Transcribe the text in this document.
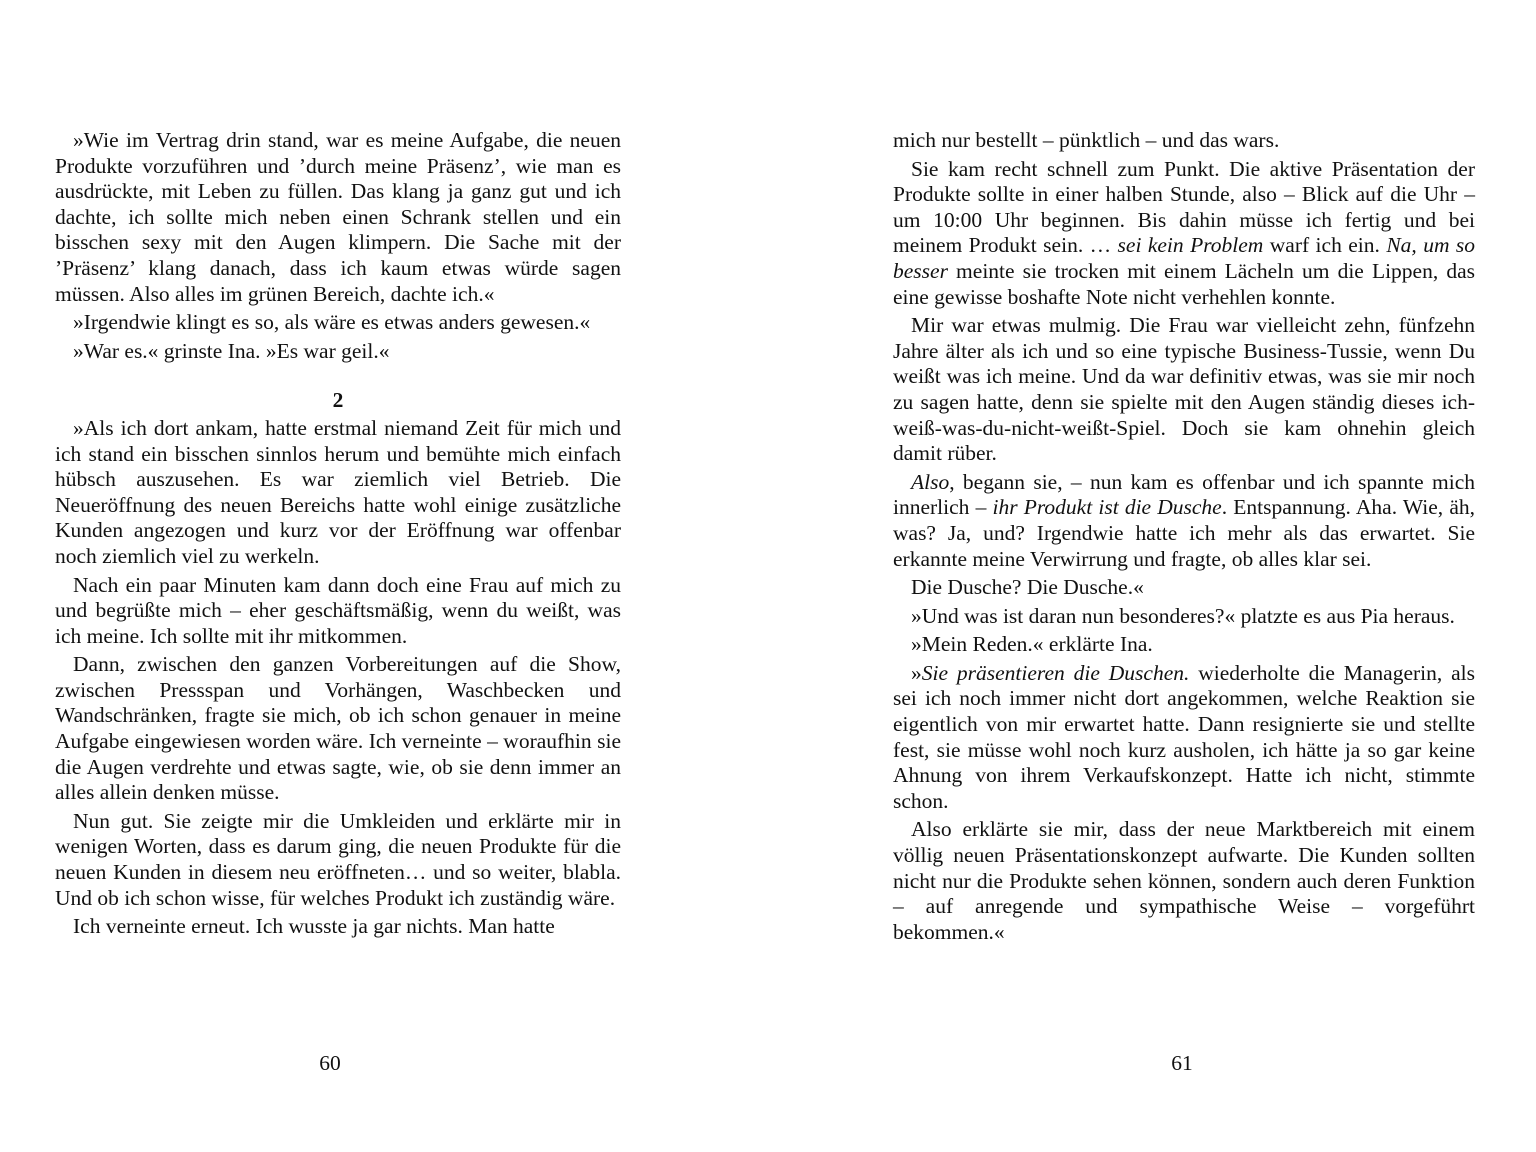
»Wie im Vertrag drin stand, war es meine Aufgabe, die neuen Produkte vorzuführen und ’durch meine Präsenz’, wie man es ausdrückte, mit Leben zu füllen. Das klang ja ganz gut und ich dachte, ich sollte mich neben einen Schrank stellen und ein bisschen sexy mit den Augen klimpern. Die Sache mit der ’Präsenz’ klang danach, dass ich kaum etwas würde sagen müssen. Also alles im grünen Bereich, dachte ich.«

»Irgendwie klingt es so, als wäre es etwas anders gewesen.«

»War es.« grinste Ina. »Es war geil.«

2

»Als ich dort ankam, hatte erstmal niemand Zeit für mich und ich stand ein bisschen sinnlos herum und bemühte mich einfach hübsch auszusehen. Es war ziemlich viel Betrieb. Die Neueröffnung des neuen Bereichs hatte wohl einige zusätzliche Kunden angezogen und kurz vor der Eröffnung war offenbar noch ziemlich viel zu werkeln.

Nach ein paar Minuten kam dann doch eine Frau auf mich zu und begrüßte mich – eher geschäftsmäßig, wenn du weißt, was ich meine. Ich sollte mit ihr mitkommen.

Dann, zwischen den ganzen Vorbereitungen auf die Show, zwischen Pressspan und Vorhängen, Waschbecken und Wandschränken, fragte sie mich, ob ich schon genauer in meine Aufgabe eingewiesen worden wäre. Ich verneinte – woraufhin sie die Augen verdrehte und etwas sagte, wie, ob sie denn immer an alles allein denken müsse.

Nun gut. Sie zeigte mir die Umkleiden und erklärte mir in wenigen Worten, dass es darum ging, die neuen Produkte für die neuen Kunden in diesem neu eröffneten… und so weiter, blabla. Und ob ich schon wisse, für welches Produkt ich zuständig wäre.

Ich verneinte erneut. Ich wusste ja gar nichts. Man hatte

60

mich nur bestellt – pünktlich – und das wars.

Sie kam recht schnell zum Punkt. Die aktive Präsentation der Produkte sollte in einer halben Stunde, also – Blick auf die Uhr – um 10:00 Uhr beginnen. Bis dahin müsse ich fertig und bei meinem Produkt sein. … sei kein Problem warf ich ein. Na, um so besser meinte sie trocken mit einem Lächeln um die Lippen, das eine gewisse boshafte Note nicht verhehlen konnte.

Mir war etwas mulmig. Die Frau war vielleicht zehn, fünfzehn Jahre älter als ich und so eine typische Business-Tussie, wenn Du weißt was ich meine. Und da war definitiv etwas, was sie mir noch zu sagen hatte, denn sie spielte mit den Augen ständig dieses ich-weiß-was-du-nicht-weißt-Spiel. Doch sie kam ohnehin gleich damit rüber.

Also, begann sie, – nun kam es offenbar und ich spannte mich innerlich – ihr Produkt ist die Dusche. Entspannung. Aha. Wie, äh, was? Ja, und? Irgendwie hatte ich mehr als das erwartet. Sie erkannte meine Verwirrung und fragte, ob alles klar sei.

Die Dusche? Die Dusche.«

»Und was ist daran nun besonderes?« platzte es aus Pia heraus.

»Mein Reden.« erklärte Ina.

»Sie präsentieren die Duschen. wiederholte die Managerin, als sei ich noch immer nicht dort angekommen, welche Reaktion sie eigentlich von mir erwartet hatte. Dann resignierte sie und stellte fest, sie müsse wohl noch kurz ausholen, ich hätte ja so gar keine Ahnung von ihrem Verkaufskonzept. Hatte ich nicht, stimmte schon.

Also erklärte sie mir, dass der neue Marktbereich mit einem völlig neuen Präsentationskonzept aufwarte. Die Kunden sollten nicht nur die Produkte sehen können, sondern auch deren Funktion – auf anregende und sympathische Weise – vorgeführt bekommen.«

61
